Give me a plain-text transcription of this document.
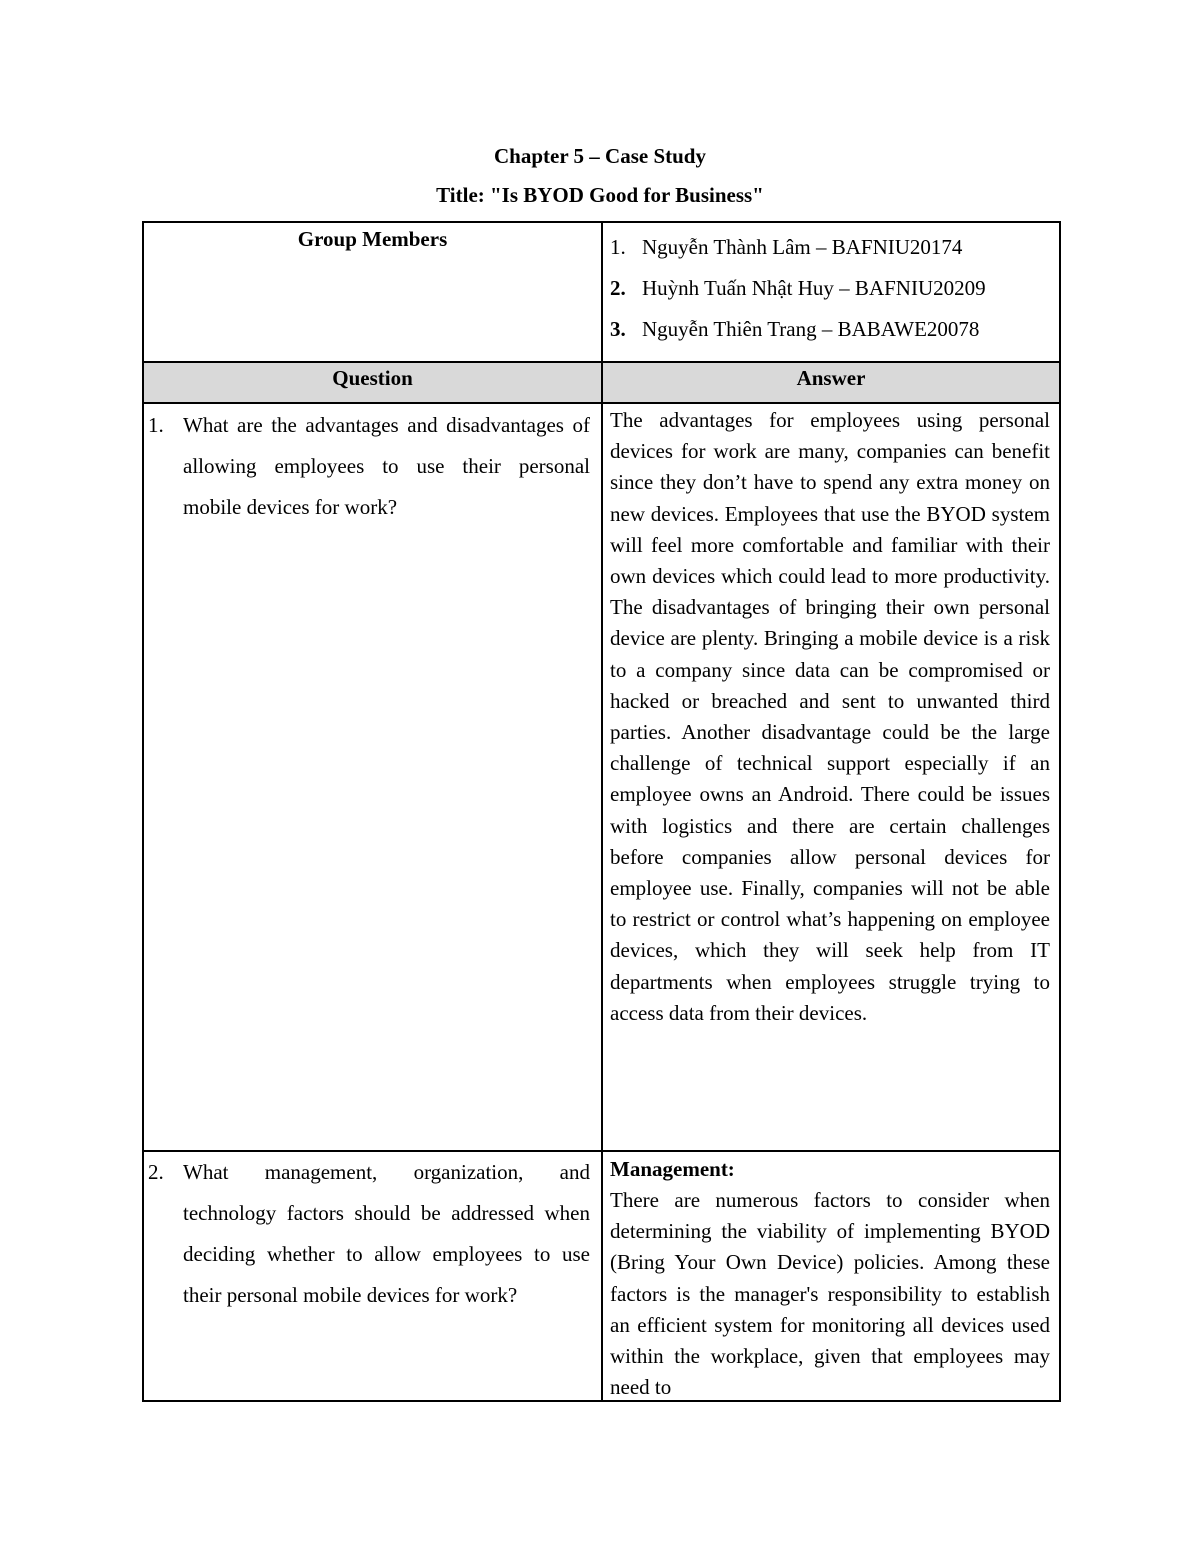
Chapter 5 – Case Study
Title: "Is BYOD Good for Business"
Group Members	1. Nguyễn Thành Lâm – BAFNIU20174
2. Huỳnh Tuấn Nhật Huy – BAFNIU20209
3. Nguyễn Thiên Trang – BABAWE20078
Question	Answer
1. What are the advantages and disadvantages of allowing employees to use their personal mobile devices for work?
The advantages for employees using personal devices for work are many, companies can benefit since they don’t have to spend any extra money on new devices. Employees that use the BYOD system will feel more comfortable and familiar with their own devices which could lead to more productivity. The disadvantages of bringing their own personal device are plenty. Bringing a mobile device is a risk to a company since data can be compromised or hacked or breached and sent to unwanted third parties. Another disadvantage could be the large challenge of technical support especially if an employee owns an Android. There could be issues with logistics and there are certain challenges before companies allow personal devices for employee use. Finally, companies will not be able to restrict or control what’s happening on employee devices, which they will seek help from IT departments when employees struggle trying to access data from their devices.
2. What management, organization, and technology factors should be addressed when deciding whether to allow employees to use their personal mobile devices for work?
Management:
There are numerous factors to consider when determining the viability of implementing BYOD (Bring Your Own Device) policies. Among these factors is the manager's responsibility to establish an efficient system for monitoring all devices used within the workplace, given that employees may need to
